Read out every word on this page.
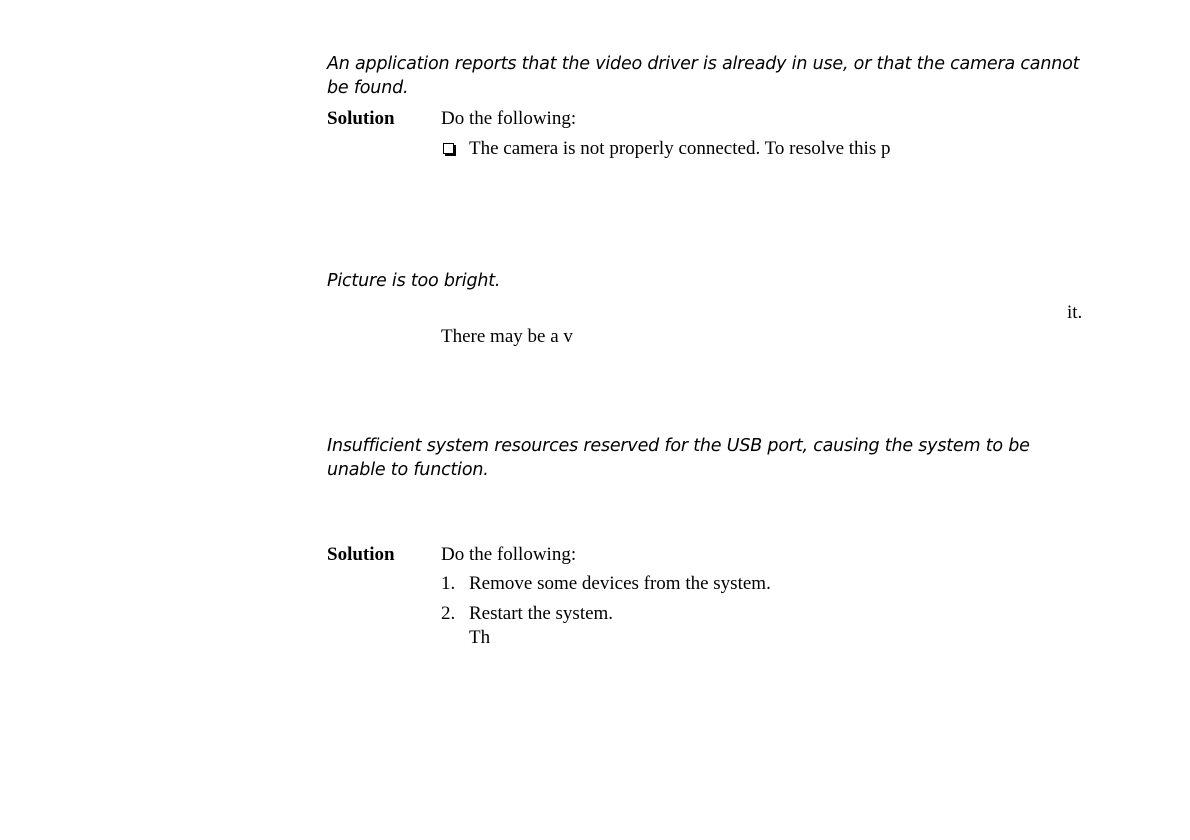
An application reports that the video driver is already in use, or that the camera cannot be found.
Solution Do the following:
The camera is not properly connected. To resolve this p
Picture is too bright.
it.
There may be a v
Insufficient system resources reserved for the USB port, causing the system to be unable to function.
Solution Do the following:
1. Remove some devices from the system.
2. Restart the system.
Th
